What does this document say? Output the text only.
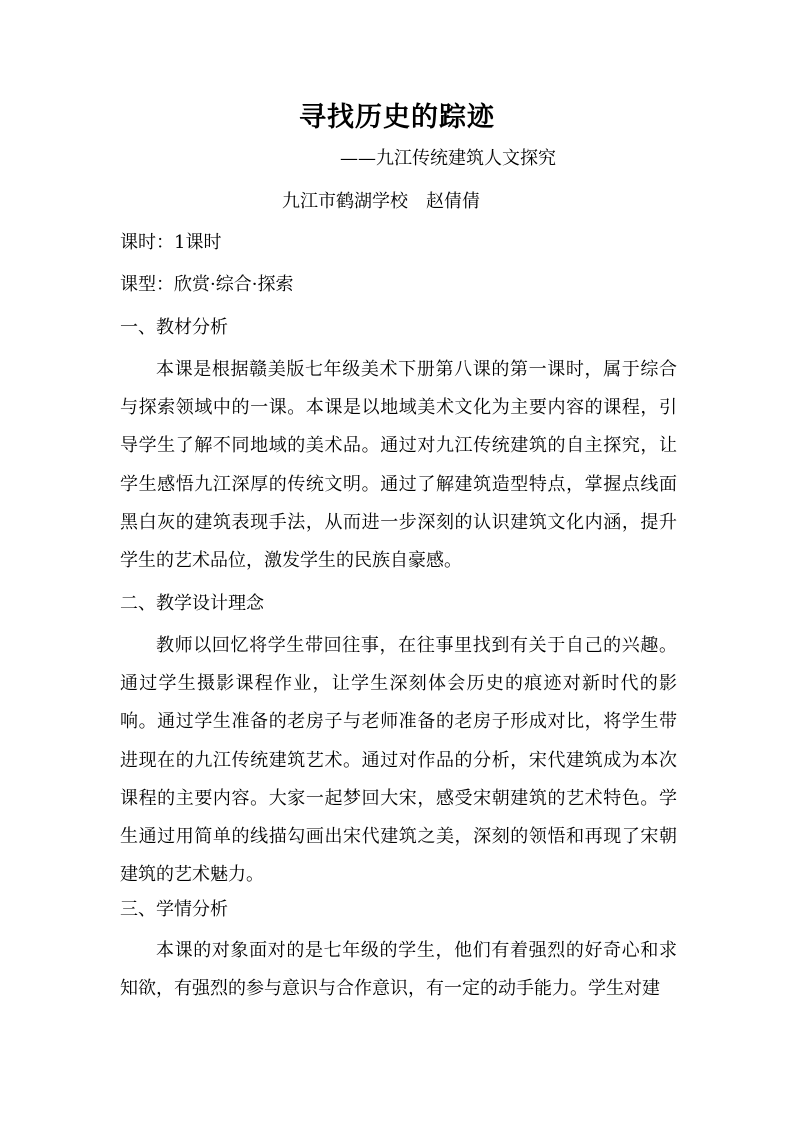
寻找历史的踪迹
——九江传统建筑人文探究
九江市鹤湖学校 赵倩倩
课时：1课时
课型：欣赏·综合·探索
一、教材分析

本课是根据赣美版七年级美术下册第八课的第一课时，属于综合与探索领域中的一课。本课是以地域美术文化为主要内容的课程，引导学生了解不同地域的美术品。通过对九江传统建筑的自主探究，让学生感悟九江深厚的传统文明。通过了解建筑造型特点，掌握点线面黑白灰的建筑表现手法，从而进一步深刻的认识建筑文化内涵，提升学生的艺术品位，激发学生的民族自豪感。

二、教学设计理念

教师以回忆将学生带回往事，在往事里找到有关于自己的兴趣。通过学生摄影课程作业，让学生深刻体会历史的痕迹对新时代的影响。通过学生准备的老房子与老师准备的老房子形成对比，将学生带进现在的九江传统建筑艺术。通过对作品的分析，宋代建筑成为本次课程的主要内容。大家一起梦回大宋，感受宋朝建筑的艺术特色。学生通过用简单的线描勾画出宋代建筑之美，深刻的领悟和再现了宋朝建筑的艺术魅力。

三、学情分析

本课的对象面对的是七年级的学生，他们有着强烈的好奇心和求知欲，有强烈的参与意识与合作意识，有一定的动手能力。学生对建
